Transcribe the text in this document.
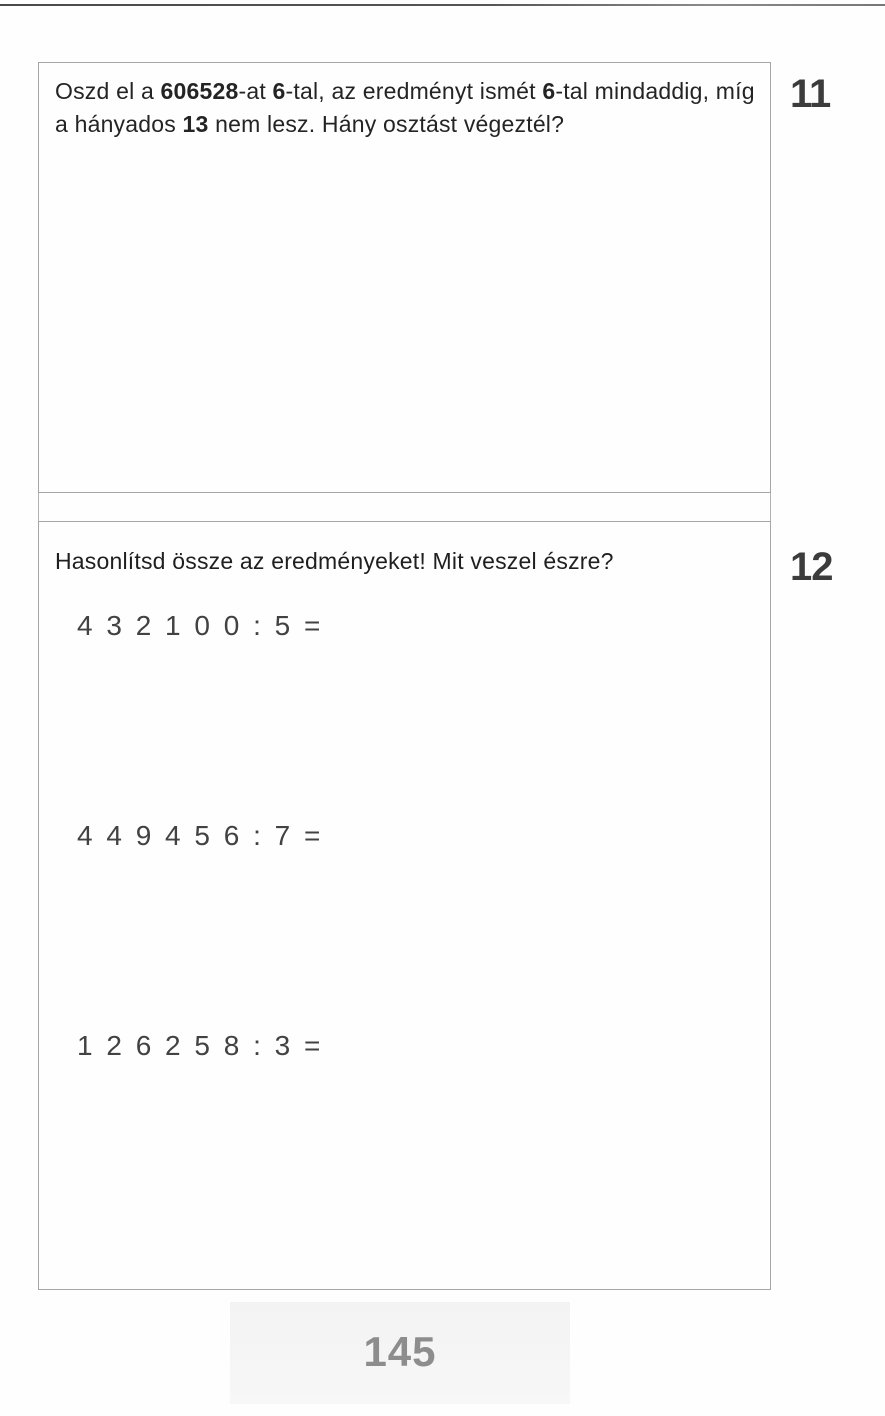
Oszd el a 606528-at 6-tal, az eredményt ismét 6-tal mindaddig, míg a hányados 13 nem lesz. Hány osztást végeztél?
Hasonlítsd össze az eredményeket! Mit veszel észre?
11
12
4 3 2 1 0 0 : 5 =
4 4 9 4 5 6 : 7 =
1 2 6 2 5 8 : 3 =
145
